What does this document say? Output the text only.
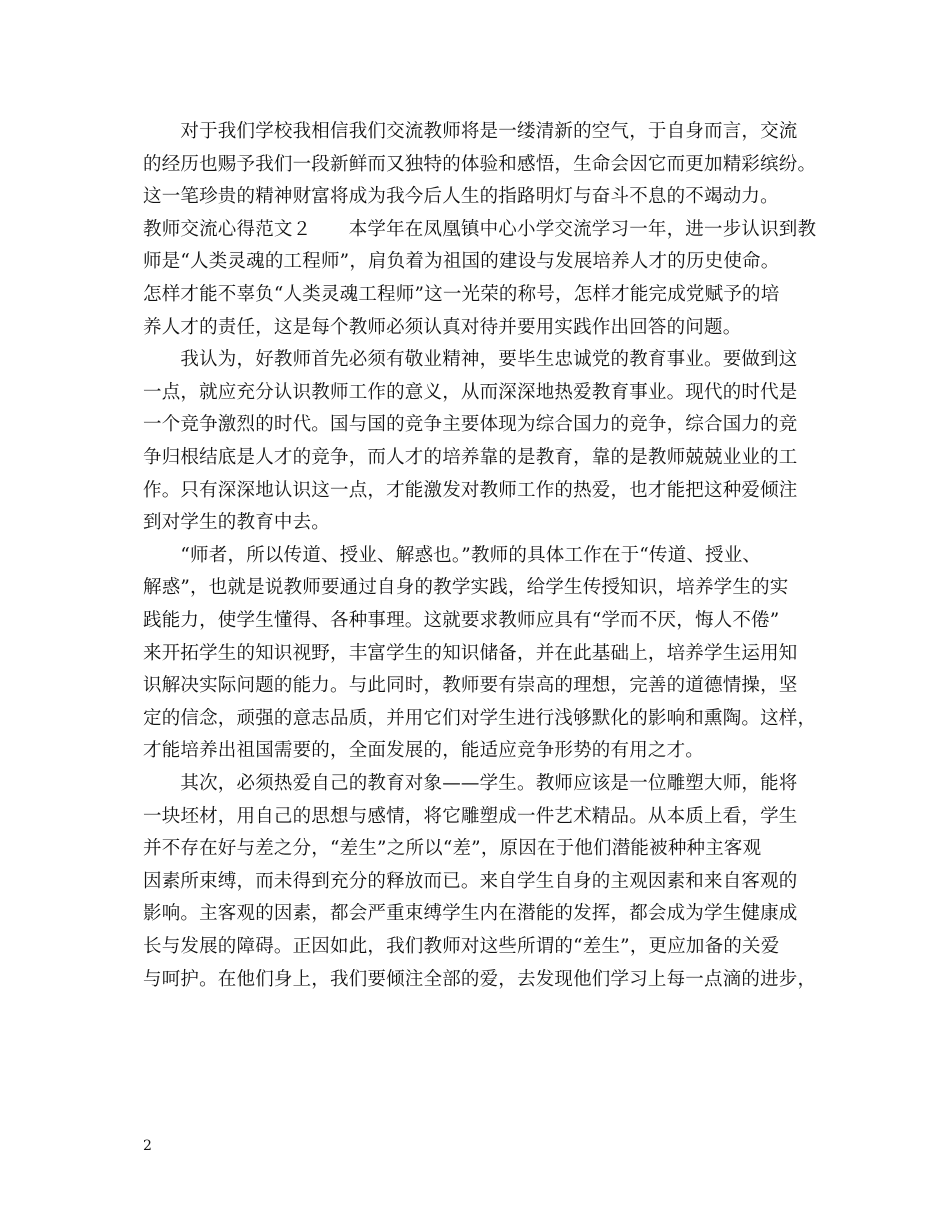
　　对于我们学校我相信我们交流教师将是一缕清新的空气，于自身而言，交流
的经历也赐予我们一段新鲜而又独特的体验和感悟，生命会因它而更加精彩缤纷。
这一笔珍贵的精神财富将成为我今后人生的指路明灯与奋斗不息的不竭动力。
教师交流心得范文２　　本学年在凤凰镇中心小学交流学习一年，进一步认识到教
师是“人类灵魂的工程师”，肩负着为祖国的建设与发展培养人才的历史使命。
怎样才能不辜负“人类灵魂工程师”这一光荣的称号，怎样才能完成党赋予的培
养人才的责任，这是每个教师必须认真对待并要用实践作出回答的问题。
　　我认为，好教师首先必须有敬业精神，要毕生忠诚党的教育事业。要做到这
一点，就应充分认识教师工作的意义，从而深深地热爱教育事业。现代的时代是
一个竞争激烈的时代。国与国的竞争主要体现为综合国力的竞争，综合国力的竞
争归根结底是人才的竞争，而人才的培养靠的是教育，靠的是教师兢兢业业的工
作。只有深深地认识这一点，才能激发对教师工作的热爱，也才能把这种爱倾注
到对学生的教育中去。
　　“师者，所以传道、授业、解惑也。”教师的具体工作在于“传道、授业、
解惑”，也就是说教师要通过自身的教学实践，给学生传授知识，培养学生的实
践能力，使学生懂得、各种事理。这就要求教师应具有“学而不厌，悔人不倦”
来开拓学生的知识视野，丰富学生的知识储备，并在此基础上，培养学生运用知
识解决实际问题的能力。与此同时，教师要有崇高的理想，完善的道德情操，坚
定的信念，顽强的意志品质，并用它们对学生进行浅够默化的影响和熏陶。这样，
才能培养出祖国需要的，全面发展的，能适应竞争形势的有用之才。
　　其次，必须热爱自己的教育对象——学生。教师应该是一位雕塑大师，能将
一块坯材，用自己的思想与感情，将它雕塑成一件艺术精品。从本质上看，学生
并不存在好与差之分，“差生”之所以“差”，原因在于他们潜能被种种主客观
因素所束缚，而未得到充分的释放而已。来自学生自身的主观因素和来自客观的
影响。主客观的因素，都会严重束缚学生内在潜能的发挥，都会成为学生健康成
长与发展的障碍。正因如此，我们教师对这些所谓的“差生”，更应加备的关爱
与呵护。在他们身上，我们要倾注全部的爱，去发现他们学习上每一点滴的进步，
2
